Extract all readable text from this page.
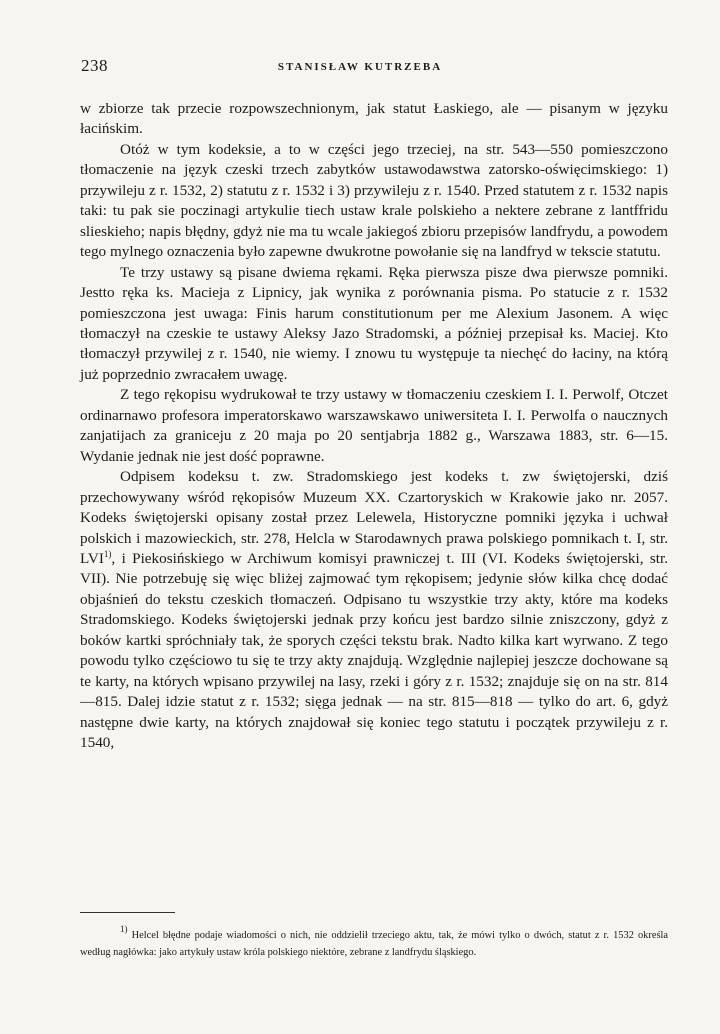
238	STANISŁAW KUTRZEBA

w zbiorze tak przecie rozpowszechnionym, jak statut Łaskiego, ale — pisanym w języku łacińskim.

Otóż w tym kodeksie, a to w części jego trzeciej, na str. 543—550 pomieszczono tłomaczenie na język czeski trzech zabytków ustawodawstwa zatorsko-oświęcimskiego: 1) przywileju z r. 1532, 2) statutu z r. 1532 i 3) przywileju z r. 1540. Przed statutem z r. 1532 napis taki: tu pak sie poczinagi artykulie tiech ustaw krale polskieho a nektere zebrane z lantffridu slieskieho; napis błędny, gdyż nie ma tu wcale jakiegoś zbioru przepisów landfrydu, a powodem tego mylnego oznaczenia było zapewne dwukrotne powołanie się na landfryd w tekscie statutu.

Te trzy ustawy są pisane dwiema rękami. Ręka pierwsza pisze dwa pierwsze pomniki. Jestto ręka ks. Macieja z Lipnicy, jak wynika z porównania pisma. Po statucie z r. 1532 pomieszczona jest uwaga: Finis harum constitutionum per me Alexium Jasonem. A więc tłomaczył na czeskie te ustawy Aleksy Jazo Stradomski, a później przepisał ks. Maciej. Kto tłomaczył przywilej z r. 1540, nie wiemy. I znowu tu występuje ta niechęć do łaciny, na którą już poprzednio zwracałem uwagę.

Z tego rękopisu wydrukował te trzy ustawy w tłomaczeniu czeskiem I. I. Perwolf, Otczet ordinarnawo profesora imperatorskawo warszawskawo uniwersiteta I. I. Perwolfa o naucznych zanjatijach za graniceju z 20 maja po 20 sentjabrja 1882 g., Warszawa 1883, str. 6—15. Wydanie jednak nie jest dość poprawne.

Odpisem kodeksu t. zw. Stradomskiego jest kodeks t. zw świętojerski, dziś przechowywany wśród rękopisów Muzeum XX. Czartoryskich w Krakowie jako nr. 2057. Kodeks świętojerski opisany został przez Lelewela, Historyczne pomniki języka i uchwał polskich i mazowieckich, str. 278, Helcla w Starodawnych prawa polskiego pomnikach t. I, str. LVI$^{1)}$, i Piekosińskiego w Archiwum komisyi prawniczej t. III (VI. Kodeks świętojerski, str. VII). Nie potrzebuję się więc bliżej zajmować tym rękopisem; jedynie słów kilka chcę dodać objaśnień do tekstu czeskich tłomaczeń. Odpisano tu wszystkie trzy akty, które ma kodeks Stradomskiego. Kodeks świętojerski jednak przy końcu jest bardzo silnie zniszczony, gdyż z boków kartki spróchniały tak, że sporych części tekstu brak. Nadto kilka kart wyrwano. Z tego powodu tylko częściowo tu się te trzy akty znajdują. Względnie najlepiej jeszcze dochowane są te karty, na których wpisano przywilej na lasy, rzeki i góry z r. 1532; znajduje się on na str. 814—815. Dalej idzie statut z r. 1532; sięga jednak — na str. 815—818 — tylko do art. 6, gdyż następne dwie karty, na których znajdował się koniec tego statutu i początek przywileju z r. 1540,

$^{1)}$ Helcel błędne podaje wiadomości o nich, nie oddzielił trzeciego aktu, tak, że mówi tylko o dwóch, statut z r. 1532 określa według nagłówka: jako artykuły ustaw króla polskiego niektóre, zebrane z landfrydu śląskiego.
